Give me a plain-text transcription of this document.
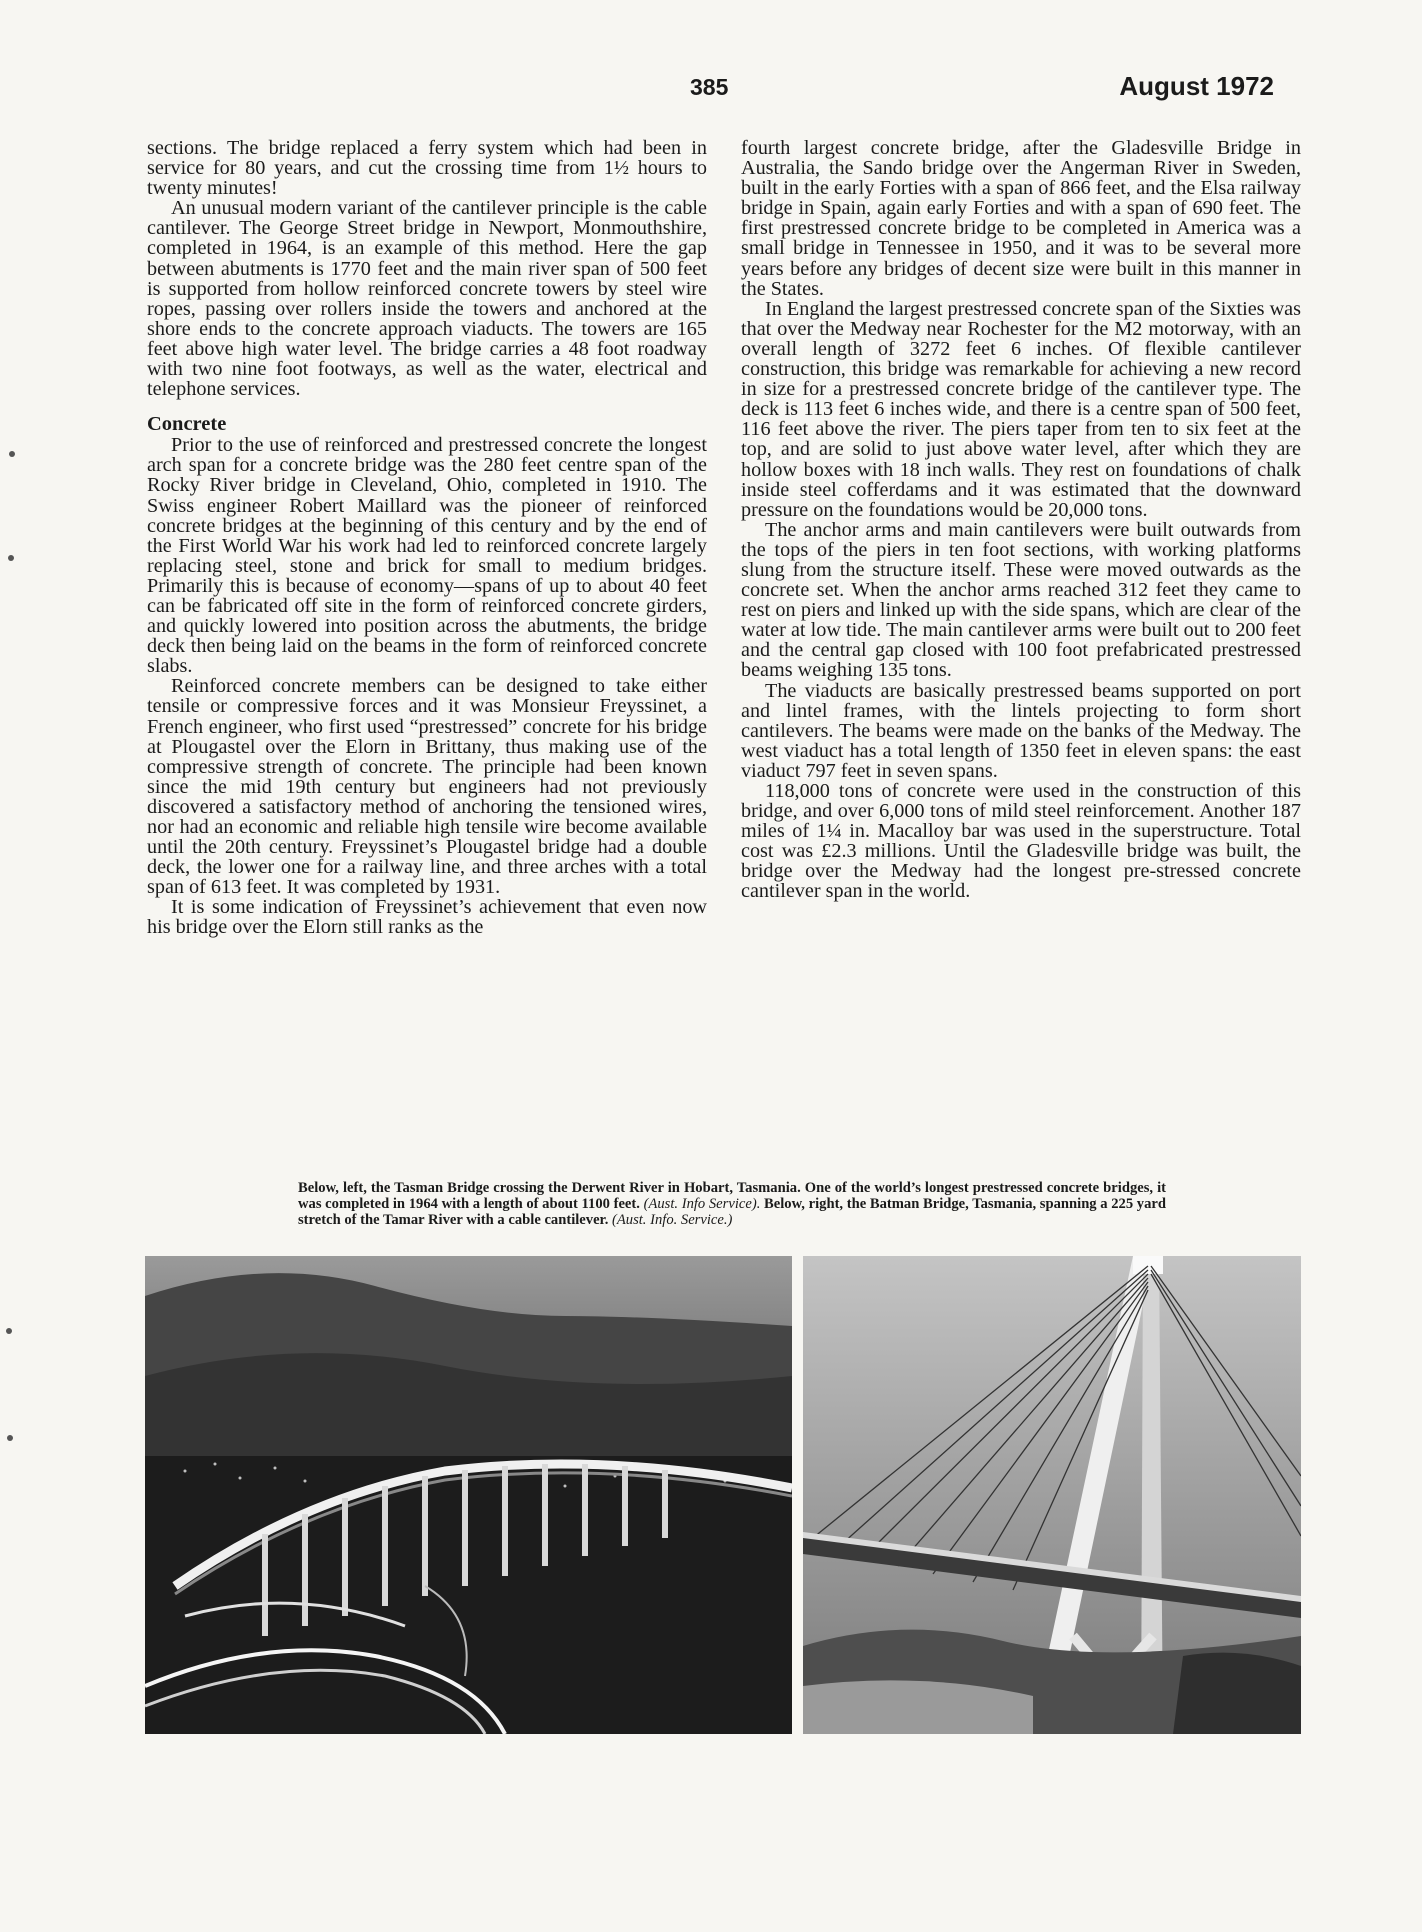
385	August 1972

sections. The bridge replaced a ferry system which had been in service for 80 years, and cut the crossing time from 1½ hours to twenty minutes!

An unusual modern variant of the cantilever principle is the cable cantilever. The George Street bridge in Newport, Monmouthshire, completed in 1964, is an example of this method. Here the gap between abutments is 1770 feet and the main river span of 500 feet is supported from hollow reinforced concrete towers by steel wire ropes, passing over rollers inside the towers and anchored at the shore ends to the concrete approach viaducts. The towers are 165 feet above high water level. The bridge carries a 48 foot roadway with two nine foot footways, as well as the water, electrical and telephone services.

Concrete

Prior to the use of reinforced and prestressed concrete the longest arch span for a concrete bridge was the 280 feet centre span of the Rocky River bridge in Cleveland, Ohio, completed in 1910. The Swiss engineer Robert Maillard was the pioneer of reinforced concrete bridges at the beginning of this century and by the end of the First World War his work had led to reinforced concrete largely replacing steel, stone and brick for small to medium bridges. Primarily this is because of economy—spans of up to about 40 feet can be fabricated off site in the form of reinforced concrete girders, and quickly lowered into position across the abutments, the bridge deck then being laid on the beams in the form of reinforced concrete slabs.

Reinforced concrete members can be designed to take either tensile or compressive forces and it was Monsieur Freyssinet, a French engineer, who first used “prestressed” concrete for his bridge at Plougastel over the Elorn in Brittany, thus making use of the compressive strength of concrete. The principle had been known since the mid 19th century but engineers had not previously discovered a satisfactory method of anchoring the tensioned wires, nor had an economic and reliable high tensile wire become available until the 20th century. Freyssinet’s Plougastel bridge had a double deck, the lower one for a railway line, and three arches with a total span of 613 feet. It was completed by 1931.

It is some indication of Freyssinet’s achievement that even now his bridge over the Elorn still ranks as the

fourth largest concrete bridge, after the Gladesville Bridge in Australia, the Sando bridge over the Angerman River in Sweden, built in the early Forties with a span of 866 feet, and the Elsa railway bridge in Spain, again early Forties and with a span of 690 feet. The first prestressed concrete bridge to be completed in America was a small bridge in Tennessee in 1950, and it was to be several more years before any bridges of decent size were built in this manner in the States.

In England the largest prestressed concrete span of the Sixties was that over the Medway near Rochester for the M2 motorway, with an overall length of 3272 feet 6 inches. Of flexible cantilever construction, this bridge was remarkable for achieving a new record in size for a prestressed concrete bridge of the cantilever type. The deck is 113 feet 6 inches wide, and there is a centre span of 500 feet, 116 feet above the river. The piers taper from ten to six feet at the top, and are solid to just above water level, after which they are hollow boxes with 18 inch walls. They rest on foundations of chalk inside steel cofferdams and it was estimated that the downward pressure on the foundations would be 20,000 tons.

The anchor arms and main cantilevers were built outwards from the tops of the piers in ten foot sections, with working platforms slung from the structure itself. These were moved outwards as the concrete set. When the anchor arms reached 312 feet they came to rest on piers and linked up with the side spans, which are clear of the water at low tide. The main cantilever arms were built out to 200 feet and the central gap closed with 100 foot prefabricated prestressed beams weighing 135 tons.

The viaducts are basically prestressed beams supported on port and lintel frames, with the lintels projecting to form short cantilevers. The beams were made on the banks of the Medway. The west viaduct has a total length of 1350 feet in eleven spans: the east viaduct 797 feet in seven spans.

118,000 tons of concrete were used in the construction of this bridge, and over 6,000 tons of mild steel reinforcement. Another 187 miles of 1¼ in. Macalloy bar was used in the superstructure. Total cost was £2.3 millions. Until the Gladesville bridge was built, the bridge over the Medway had the longest pre-stressed concrete cantilever span in the world.

Below, left, the Tasman Bridge crossing the Derwent River in Hobart, Tasmania. One of the world’s longest prestressed concrete bridges, it was completed in 1964 with a length of about 1100 feet. (Aust. Info Service). Below, right, the Batman Bridge, Tasmania, spanning a 225 yard stretch of the Tamar River with a cable cantilever. (Aust. Info. Service.)
